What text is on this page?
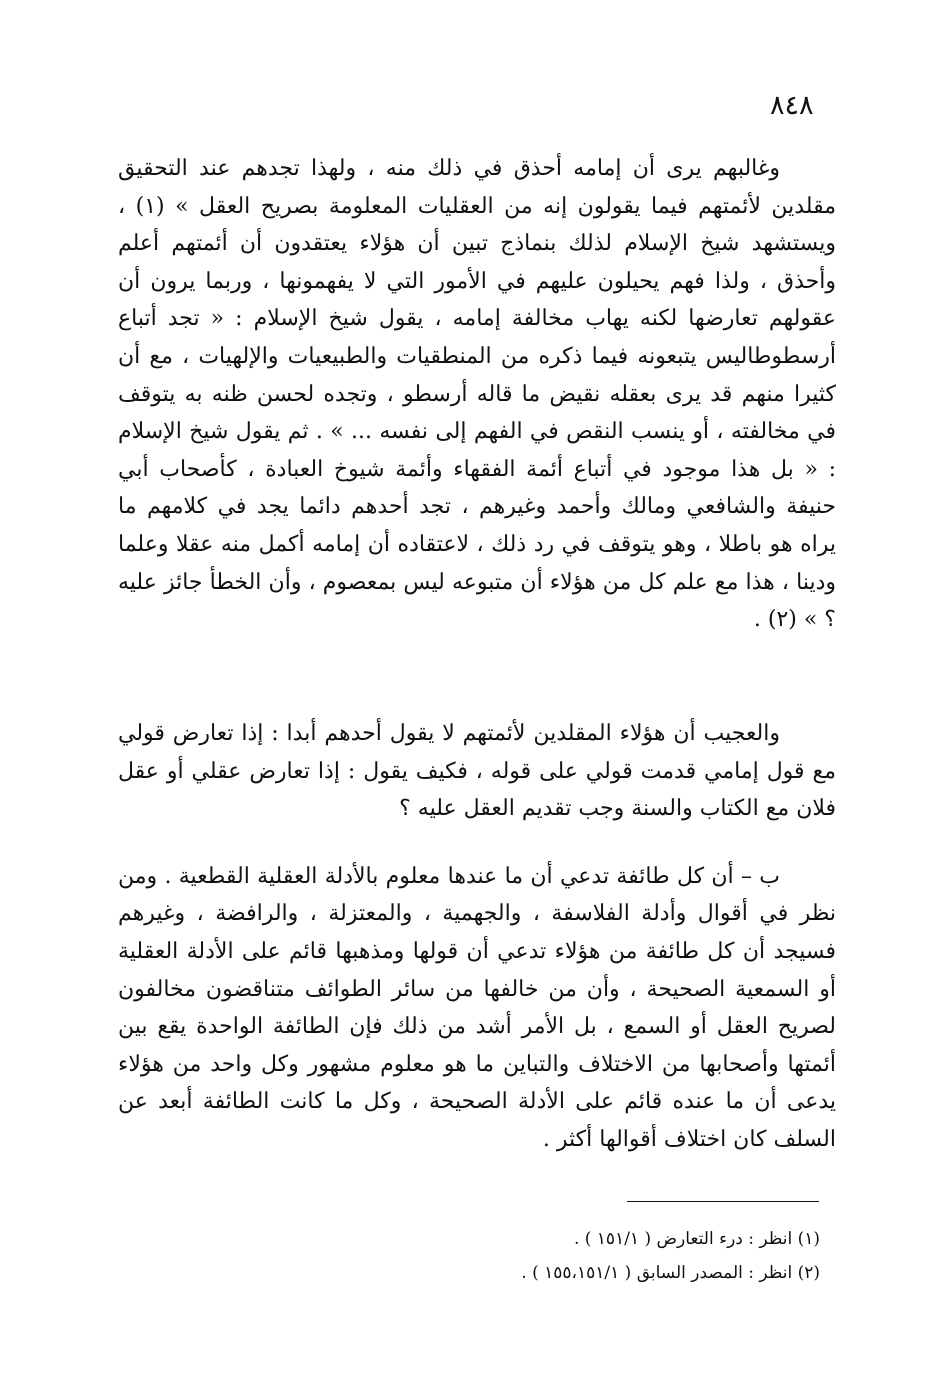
٨٤٨

وغالبهم يرى أن إمامه أحذق في ذلك منه ، ولهذا تجدهم عند التحقيق مقلدين لأئمتهم فيما يقولون إنه من العقليات المعلومة بصريح العقل » (١) ، ويستشهد شيخ الإسلام لذلك بنماذج تبين أن هؤلاء يعتقدون أن أئمتهم أعلم وأحذق ، ولذا فهم يحيلون عليهم في الأمور التي لا يفهمونها ، وربما يرون أن عقولهم تعارضها لكنه يهاب مخالفة إمامه ، يقول شيخ الإسلام : « تجد أتباع أرسطوطاليس يتبعونه فيما ذكره من المنطقيات والطبيعيات والإلهيات ، مع أن كثيرا منهم قد يرى بعقله نقيض ما قاله أرسطو ، وتجده لحسن ظنه به يتوقف في مخالفته ، أو ينسب النقص في الفهم إلى نفسه ... » . ثم يقول شيخ الإسلام : « بل هذا موجود في أتباع أئمة الفقهاء وأئمة شيوخ العبادة ، كأصحاب أبي حنيفة والشافعي ومالك وأحمد وغيرهم ، تجد أحدهم دائما يجد في كلامهم ما يراه هو باطلا ، وهو يتوقف في رد ذلك ، لاعتقاده أن إمامه أكمل منه عقلا وعلما ودينا ، هذا مع علم كل من هؤلاء أن متبوعه ليس بمعصوم ، وأن الخطأ جائز عليه ؟ » (٢) .

والعجيب أن هؤلاء المقلدين لأئمتهم لا يقول أحدهم أبدا : إذا تعارض قولي مع قول إمامي قدمت قولي على قوله ، فكيف يقول : إذا تعارض عقلي أو عقل فلان مع الكتاب والسنة وجب تقديم العقل عليه ؟

ب – أن كل طائفة تدعي أن ما عندها معلوم بالأدلة العقلية القطعية . ومن نظر في أقوال وأدلة الفلاسفة ، والجهمية ، والمعتزلة ، والرافضة ، وغيرهم فسيجد أن كل طائفة من هؤلاء تدعي أن قولها ومذهبها قائم على الأدلة العقلية أو السمعية الصحيحة ، وأن من خالفها من سائر الطوائف متناقضون مخالفون لصريح العقل أو السمع ، بل الأمر أشد من ذلك فإن الطائفة الواحدة يقع بين أئمتها وأصحابها من الاختلاف والتباين ما هو معلوم مشهور وكل واحد من هؤلاء يدعى أن ما عنده قائم على الأدلة الصحيحة ، وكل ما كانت الطائفة أبعد عن السلف كان اختلاف أقوالها أكثر .

(١) انظر : درء التعارض ( ١٥١/١ ) .
(٢) انظر : المصدر السابق ( ١٥٥،١٥١/١ ) .
